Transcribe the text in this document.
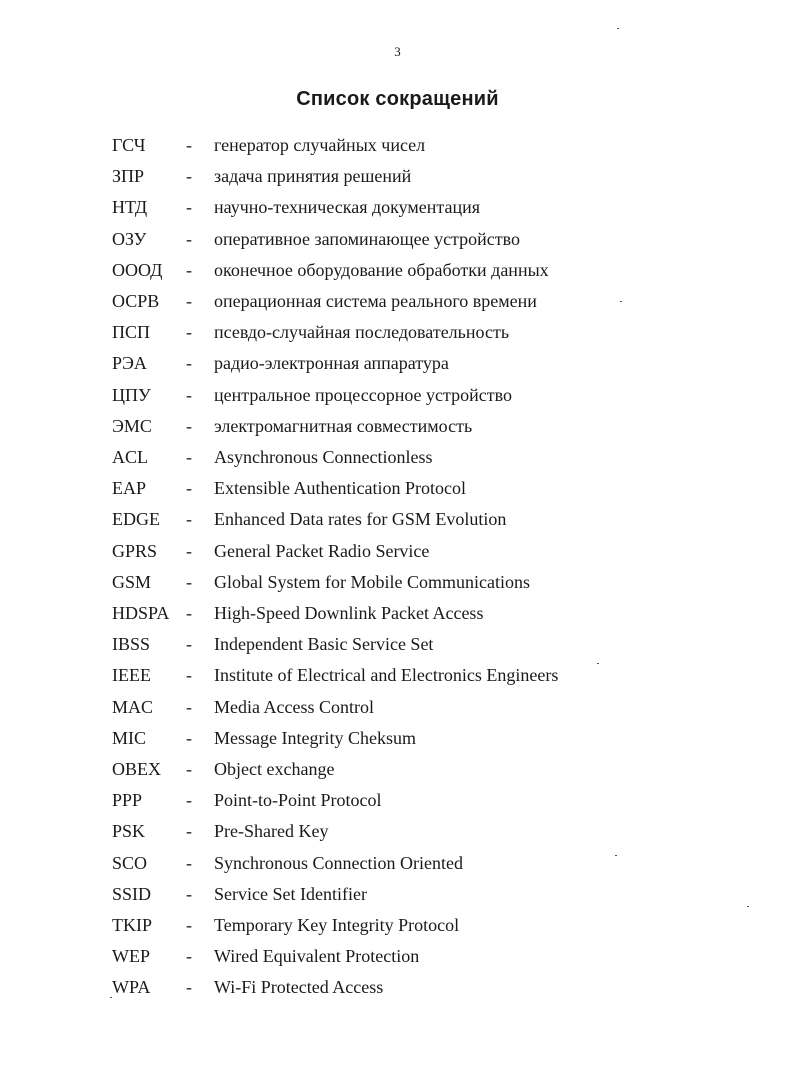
3
Список сокращений
ГСЧ - генератор случайных чисел
ЗПР - задача принятия решений
НТД - научно-техническая документация
ОЗУ - оперативное запоминающее устройство
ОООД - оконечное оборудование обработки данных
ОСРВ - операционная система реального времени
ПСП - псевдо-случайная последовательность
РЭА - радио-электронная аппаратура
ЦПУ - центральное процессорное устройство
ЭМС - электромагнитная совместимость
ACL - Asynchronous Connectionless
EAP - Extensible Authentication Protocol
EDGE - Enhanced Data rates for GSM Evolution
GPRS - General Packet Radio Service
GSM - Global System for Mobile Communications
HDSPA - High-Speed Downlink Packet Access
IBSS - Independent Basic Service Set
IEEE - Institute of Electrical and Electronics Engineers
MAC - Media Access Control
MIC - Message Integrity Cheksum
OBEX - Object exchange
PPP - Point-to-Point Protocol
PSK - Pre-Shared Key
SCO - Synchronous Connection Oriented
SSID - Service Set Identifier
TKIP - Temporary Key Integrity Protocol
WEP - Wired Equivalent Protection
WPA - Wi-Fi Protected Access
